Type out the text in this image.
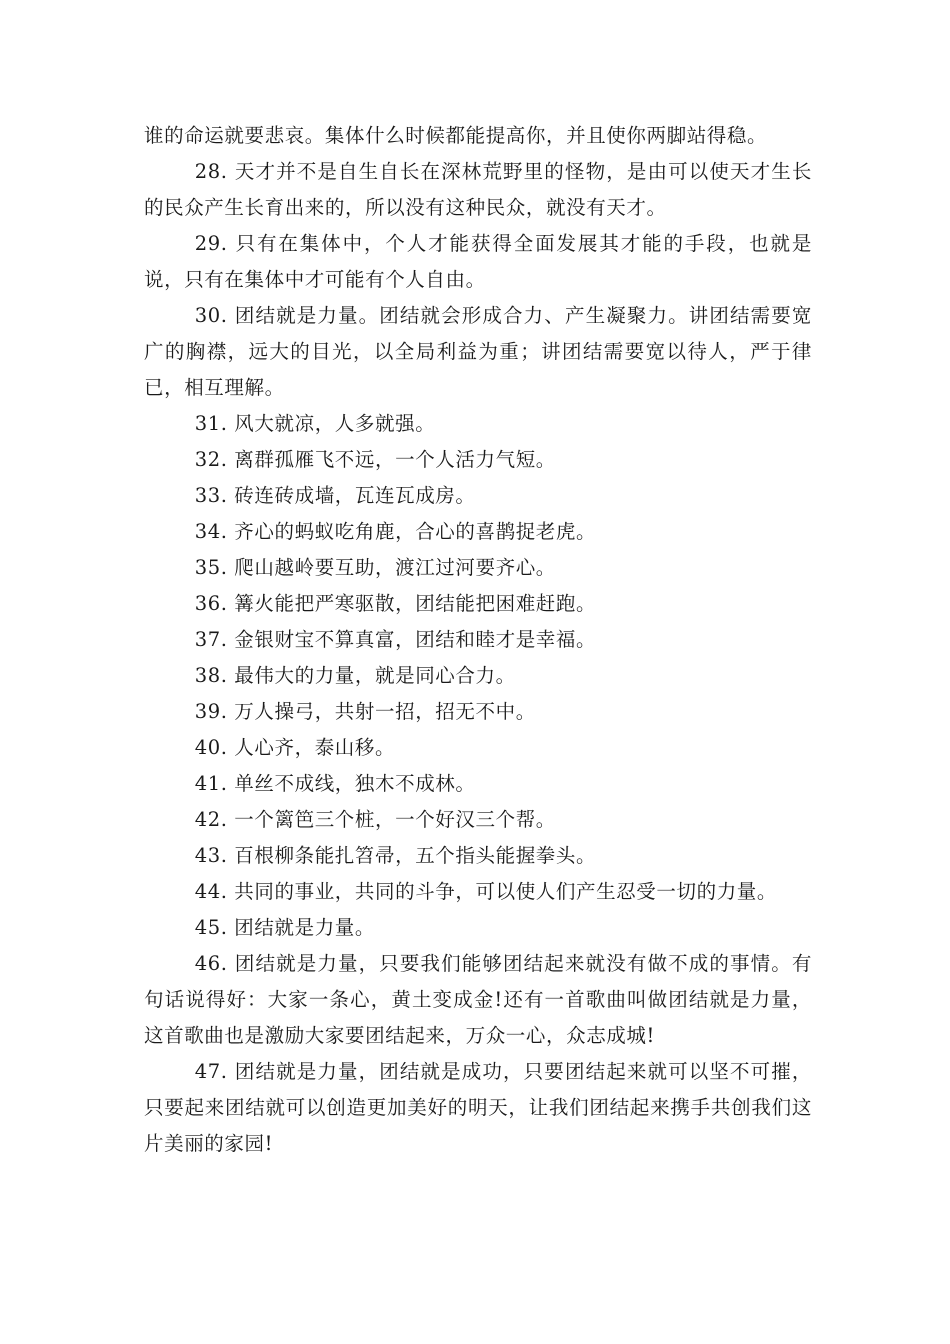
谁的命运就要悲哀。集体什么时候都能提高你，并且使你两脚站得稳。

28. 天才并不是自生自长在深林荒野里的怪物，是由可以使天才生长的民众产生长育出来的，所以没有这种民众，就没有天才。

29. 只有在集体中，个人才能获得全面发展其才能的手段，也就是说，只有在集体中才可能有个人自由。

30. 团结就是力量。团结就会形成合力、产生凝聚力。讲团结需要宽广的胸襟，远大的目光，以全局利益为重；讲团结需要宽以待人，严于律已，相互理解。

31. 风大就凉，人多就强。

32. 离群孤雁飞不远，一个人活力气短。

33. 砖连砖成墙，瓦连瓦成房。

34. 齐心的蚂蚁吃角鹿，合心的喜鹊捉老虎。

35. 爬山越岭要互助，渡江过河要齐心。

36. 篝火能把严寒驱散，团结能把困难赶跑。

37. 金银财宝不算真富，团结和睦才是幸福。

38. 最伟大的力量，就是同心合力。

39. 万人操弓，共射一招，招无不中。

40. 人心齐，泰山移。

41. 单丝不成线，独木不成林。

42. 一个篱笆三个桩，一个好汉三个帮。

43. 百根柳条能扎笤帚，五个指头能握拳头。

44. 共同的事业，共同的斗争，可以使人们产生忍受一切的力量。

45. 团结就是力量。

46. 团结就是力量，只要我们能够团结起来就没有做不成的事情。有句话说得好：大家一条心，黄土变成金!还有一首歌曲叫做团结就是力量，这首歌曲也是激励大家要团结起来，万众一心，众志成城!

47. 团结就是力量，团结就是成功，只要团结起来就可以坚不可摧，只要起来团结就可以创造更加美好的明天，让我们团结起来携手共创我们这片美丽的家园!
